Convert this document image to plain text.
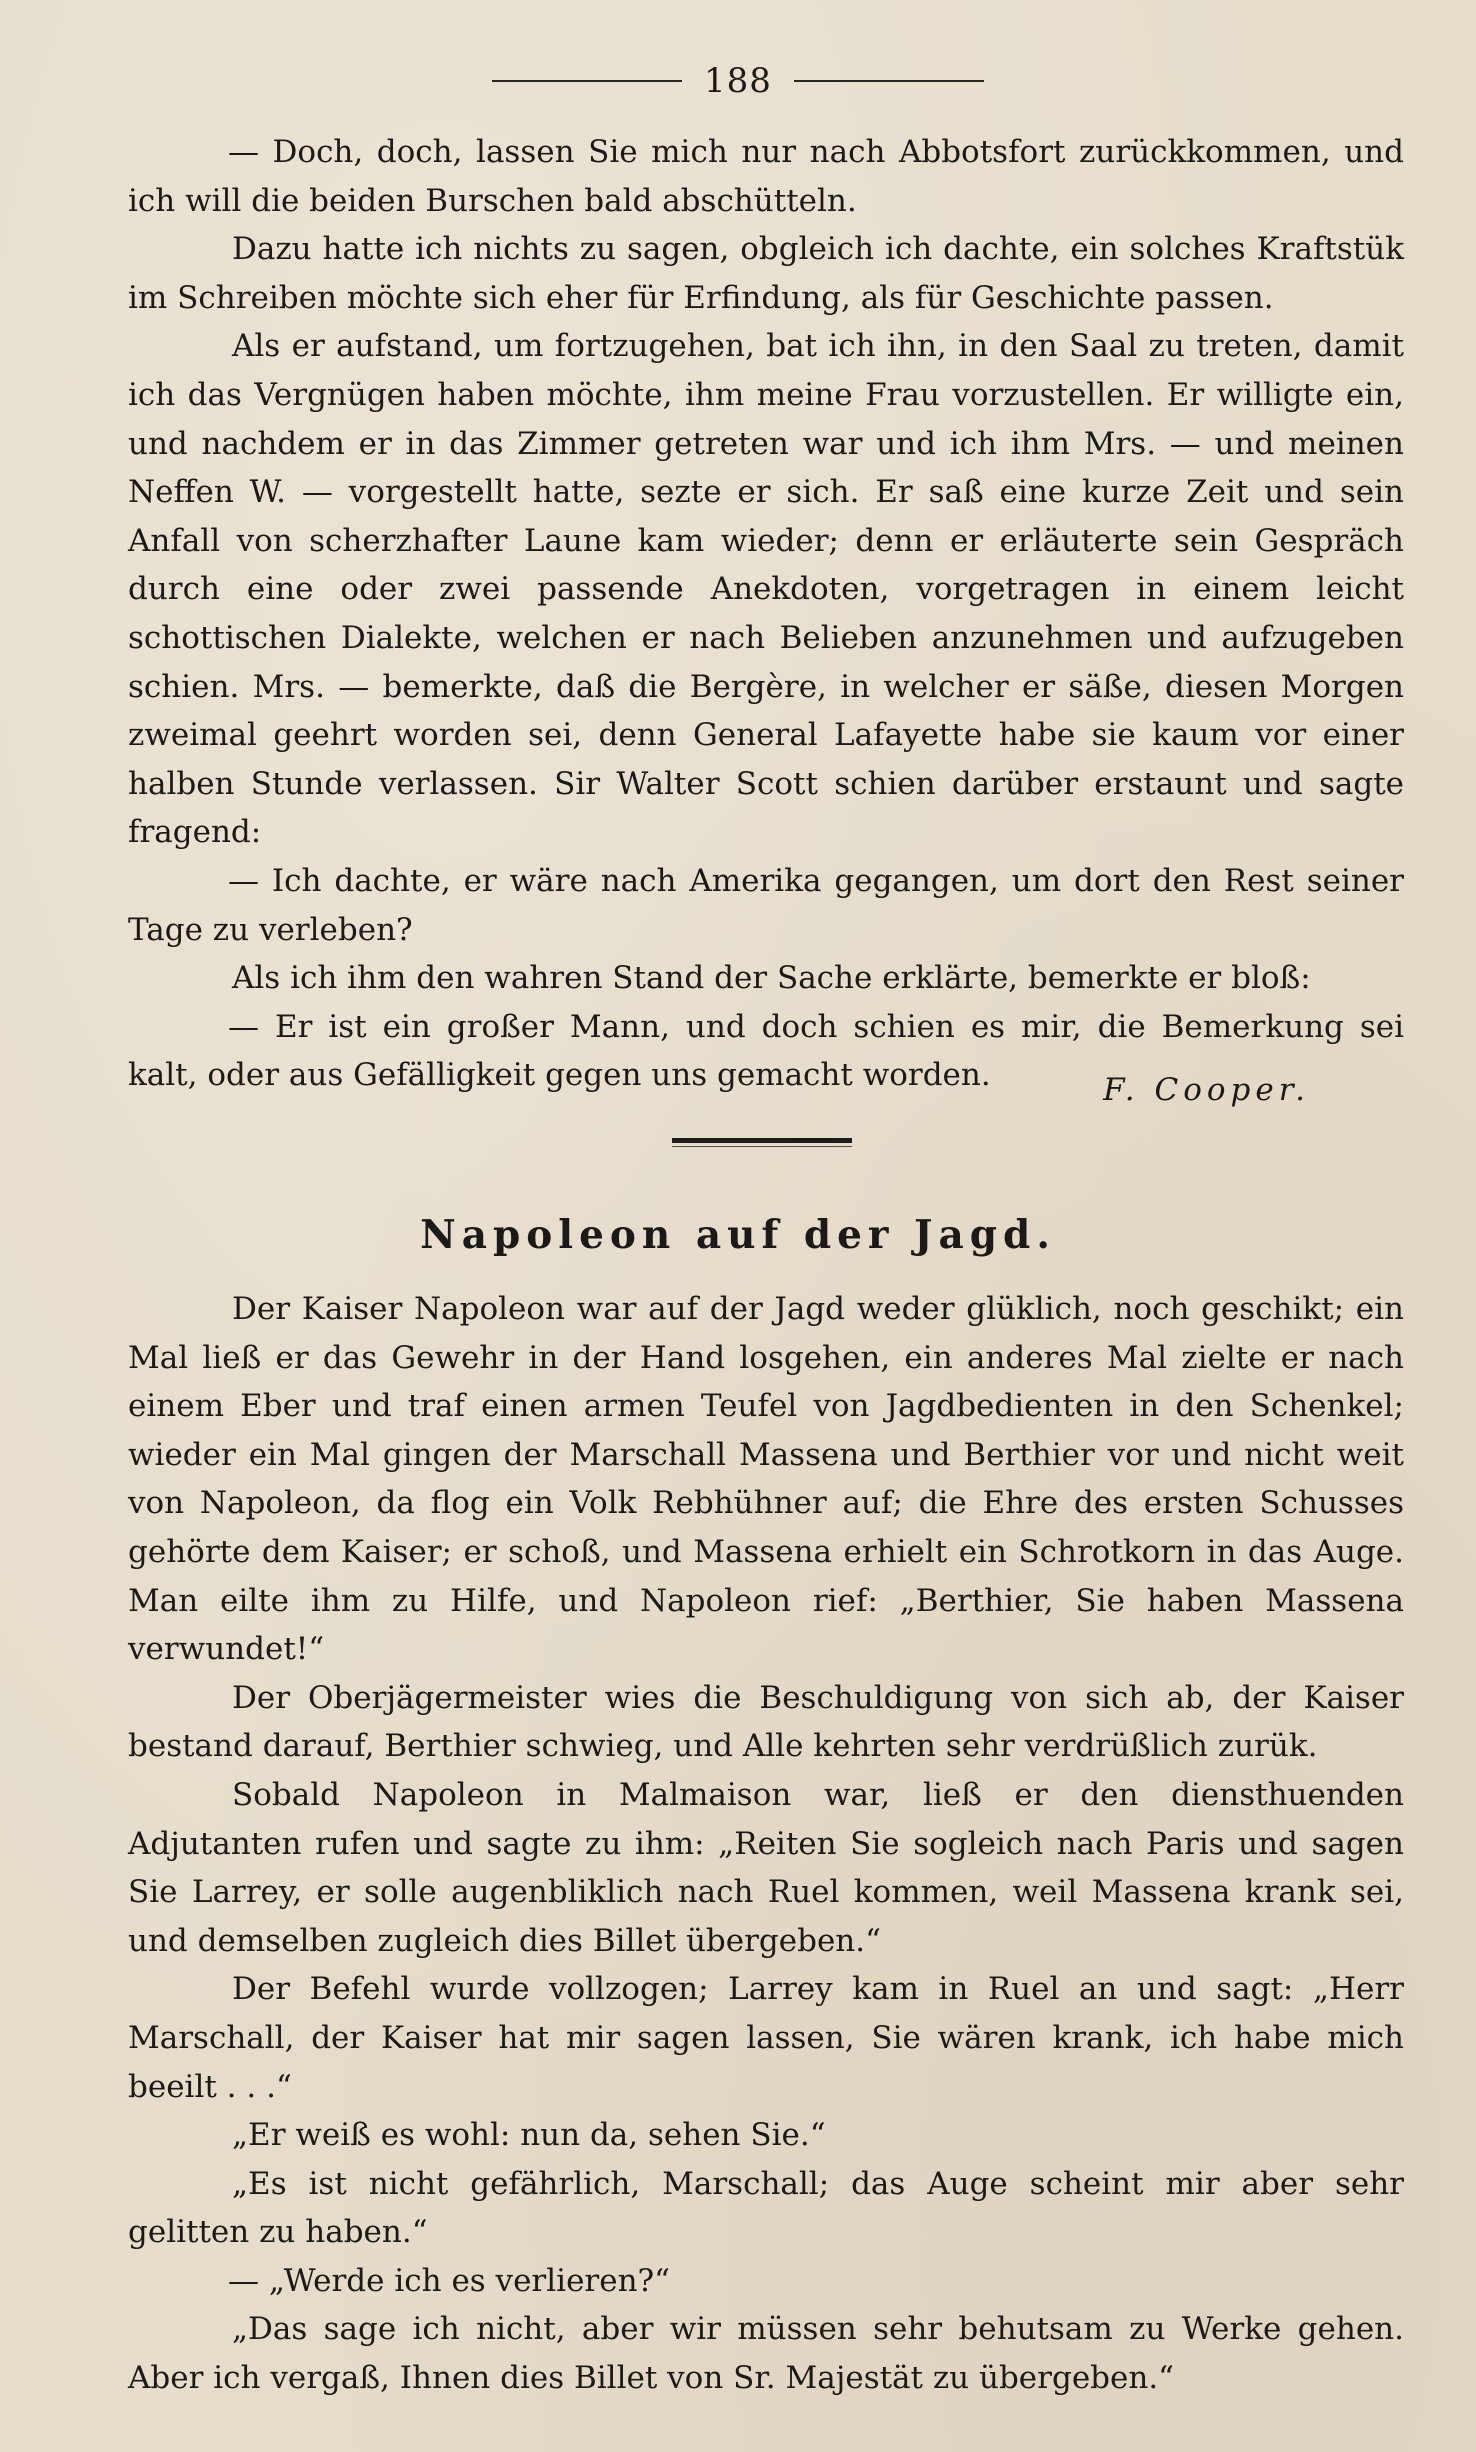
188

— Doch, doch, lassen Sie mich nur nach Abbotsfort zurückkommen, und ich will die beiden Burschen bald abschütteln.

Dazu hatte ich nichts zu sagen, obgleich ich dachte, ein solches Kraftstük im Schreiben möchte sich eher für Erfindung, als für Geschichte passen.

Als er aufstand, um fortzugehen, bat ich ihn, in den Saal zu treten, damit ich das Vergnügen haben möchte, ihm meine Frau vorzustellen. Er willigte ein, und nachdem er in das Zimmer getreten war und ich ihm Mrs. — und meinen Neffen W. — vorgestellt hatte, sezte er sich. Er saß eine kurze Zeit und sein Anfall von scherzhafter Laune kam wieder; denn er erläuterte sein Gespräch durch eine oder zwei passende Anekdoten, vorgetragen in einem leicht schottischen Dialekte, welchen er nach Belieben anzunehmen und aufzugeben schien. Mrs. — bemerkte, daß die Bergère, in welcher er säße, diesen Morgen zweimal geehrt worden sei, denn General Lafayette habe sie kaum vor einer halben Stunde verlassen. Sir Walter Scott schien darüber erstaunt und sagte fragend:

— Ich dachte, er wäre nach Amerika gegangen, um dort den Rest seiner Tage zu verleben?

Als ich ihm den wahren Stand der Sache erklärte, bemerkte er bloß:

— Er ist ein großer Mann, und doch schien es mir, die Bemerkung sei kalt, oder aus Gefälligkeit gegen uns gemacht worden.	F. Cooper.
Napoleon auf der Jagd.

Der Kaiser Napoleon war auf der Jagd weder glüklich, noch geschikt; ein Mal ließ er das Gewehr in der Hand losgehen, ein anderes Mal zielte er nach einem Eber und traf einen armen Teufel von Jagdbedienten in den Schenkel; wieder ein Mal gingen der Marschall Massena und Berthier vor und nicht weit von Napoleon, da flog ein Volk Rebhühner auf; die Ehre des ersten Schusses gehörte dem Kaiser; er schoß, und Massena erhielt ein Schrotkorn in das Auge. Man eilte ihm zu Hilfe, und Napoleon rief: „Berthier, Sie haben Massena verwundet!“

Der Oberjägermeister wies die Beschuldigung von sich ab, der Kaiser bestand darauf, Berthier schwieg, und Alle kehrten sehr verdrüßlich zurük.

Sobald Napoleon in Malmaison war, ließ er den diensthuenden Adjutanten rufen und sagte zu ihm: „Reiten Sie sogleich nach Paris und sagen Sie Larrey, er solle augenbliklich nach Ruel kommen, weil Massena krank sei, und demselben zugleich dies Billet übergeben.“

Der Befehl wurde vollzogen; Larrey kam in Ruel an und sagt: „Herr Marschall, der Kaiser hat mir sagen lassen, Sie wären krank, ich habe mich beeilt . . .“

„Er weiß es wohl: nun da, sehen Sie.“

„Es ist nicht gefährlich, Marschall; das Auge scheint mir aber sehr gelitten zu haben.“

— „Werde ich es verlieren?“

„Das sage ich nicht, aber wir müssen sehr behutsam zu Werke gehen. Aber ich vergaß, Ihnen dies Billet von Sr. Majestät zu übergeben.“
